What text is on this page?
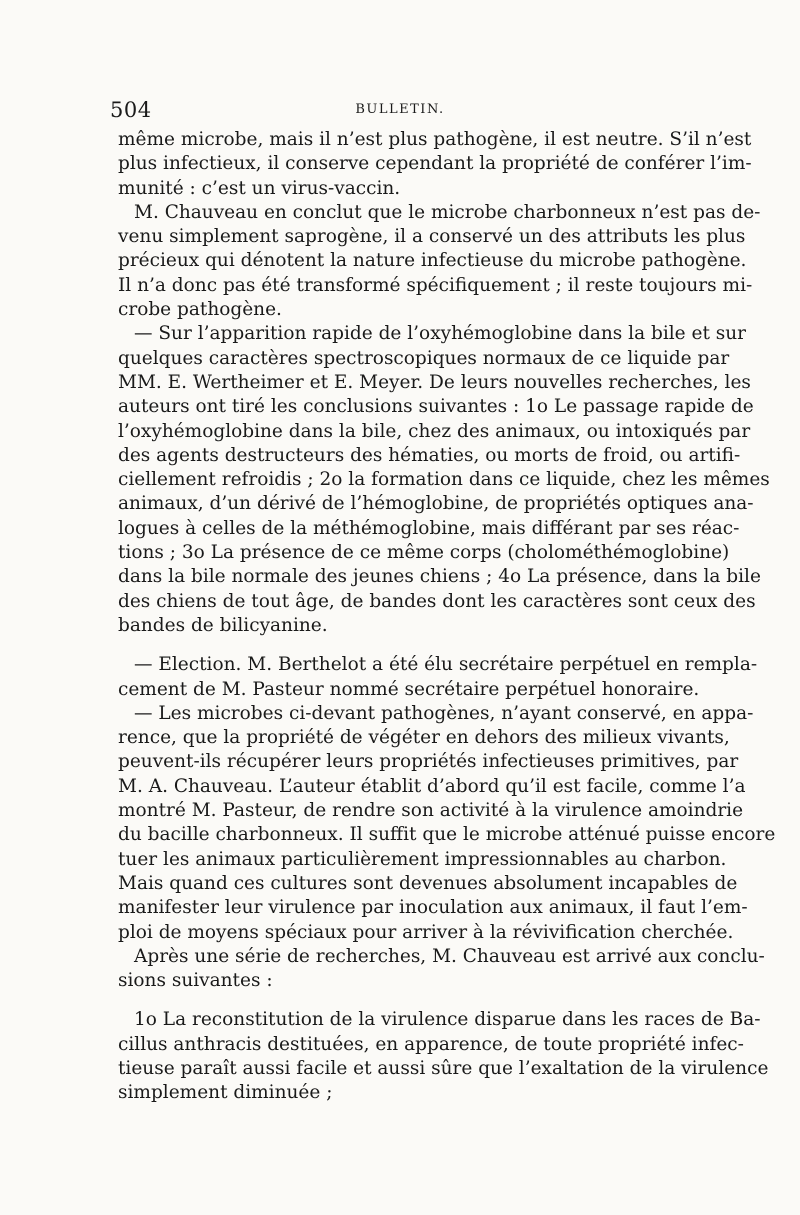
504	BULLETIN.
même microbe, mais il n’est plus pathogène, il est neutre. S’il n’est
plus infectieux, il conserve cependant la propriété de conférer l’im-
munité : c’est un virus-vaccin.
M. Chauveau en conclut que le microbe charbonneux n’est pas de-
venu simplement saprogène, il a conservé un des attributs les plus
précieux qui dénotent la nature infectieuse du microbe pathogène.
Il n’a donc pas été transformé spécifiquement ; il reste toujours mi-
crobe pathogène.
— Sur l’apparition rapide de l’oxyhémoglobine dans la bile et sur
quelques caractères spectroscopiques normaux de ce liquide par
MM. E. Wertheimer et E. Meyer. De leurs nouvelles recherches, les
auteurs ont tiré les conclusions suivantes : 1o Le passage rapide de
l’oxyhémoglobine dans la bile, chez des animaux, ou intoxiqués par
des agents destructeurs des hématies, ou morts de froid, ou artifi-
ciellement refroidis ; 2o la formation dans ce liquide, chez les mêmes
animaux, d’un dérivé de l’hémoglobine, de propriétés optiques ana-
logues à celles de la méthémoglobine, mais différant par ses réac-
tions ; 3o La présence de ce même corps (cholométhémoglobine)
dans la bile normale des jeunes chiens ; 4o La présence, dans la bile
des chiens de tout âge, de bandes dont les caractères sont ceux des
bandes de bilicyanine.
— Election. M. Berthelot a été élu secrétaire perpétuel en rempla-
cement de M. Pasteur nommé secrétaire perpétuel honoraire.
— Les microbes ci-devant pathogènes, n’ayant conservé, en appa-
rence, que la propriété de végéter en dehors des milieux vivants,
peuvent-ils récupérer leurs propriétés infectieuses primitives, par
M. A. Chauveau. L’auteur établit d’abord qu’il est facile, comme l’a
montré M. Pasteur, de rendre son activité à la virulence amoindrie
du bacille charbonneux. Il suffit que le microbe atténué puisse encore
tuer les animaux particulièrement impressionnables au charbon.
Mais quand ces cultures sont devenues absolument incapables de
manifester leur virulence par inoculation aux animaux, il faut l’em-
ploi de moyens spéciaux pour arriver à la révivification cherchée.
Après une série de recherches, M. Chauveau est arrivé aux conclu-
sions suivantes :
1o La reconstitution de la virulence disparue dans les races de Ba-
cillus anthracis destituées, en apparence, de toute propriété infec-
tieuse paraît aussi facile et aussi sûre que l’exaltation de la virulence
simplement diminuée ;
